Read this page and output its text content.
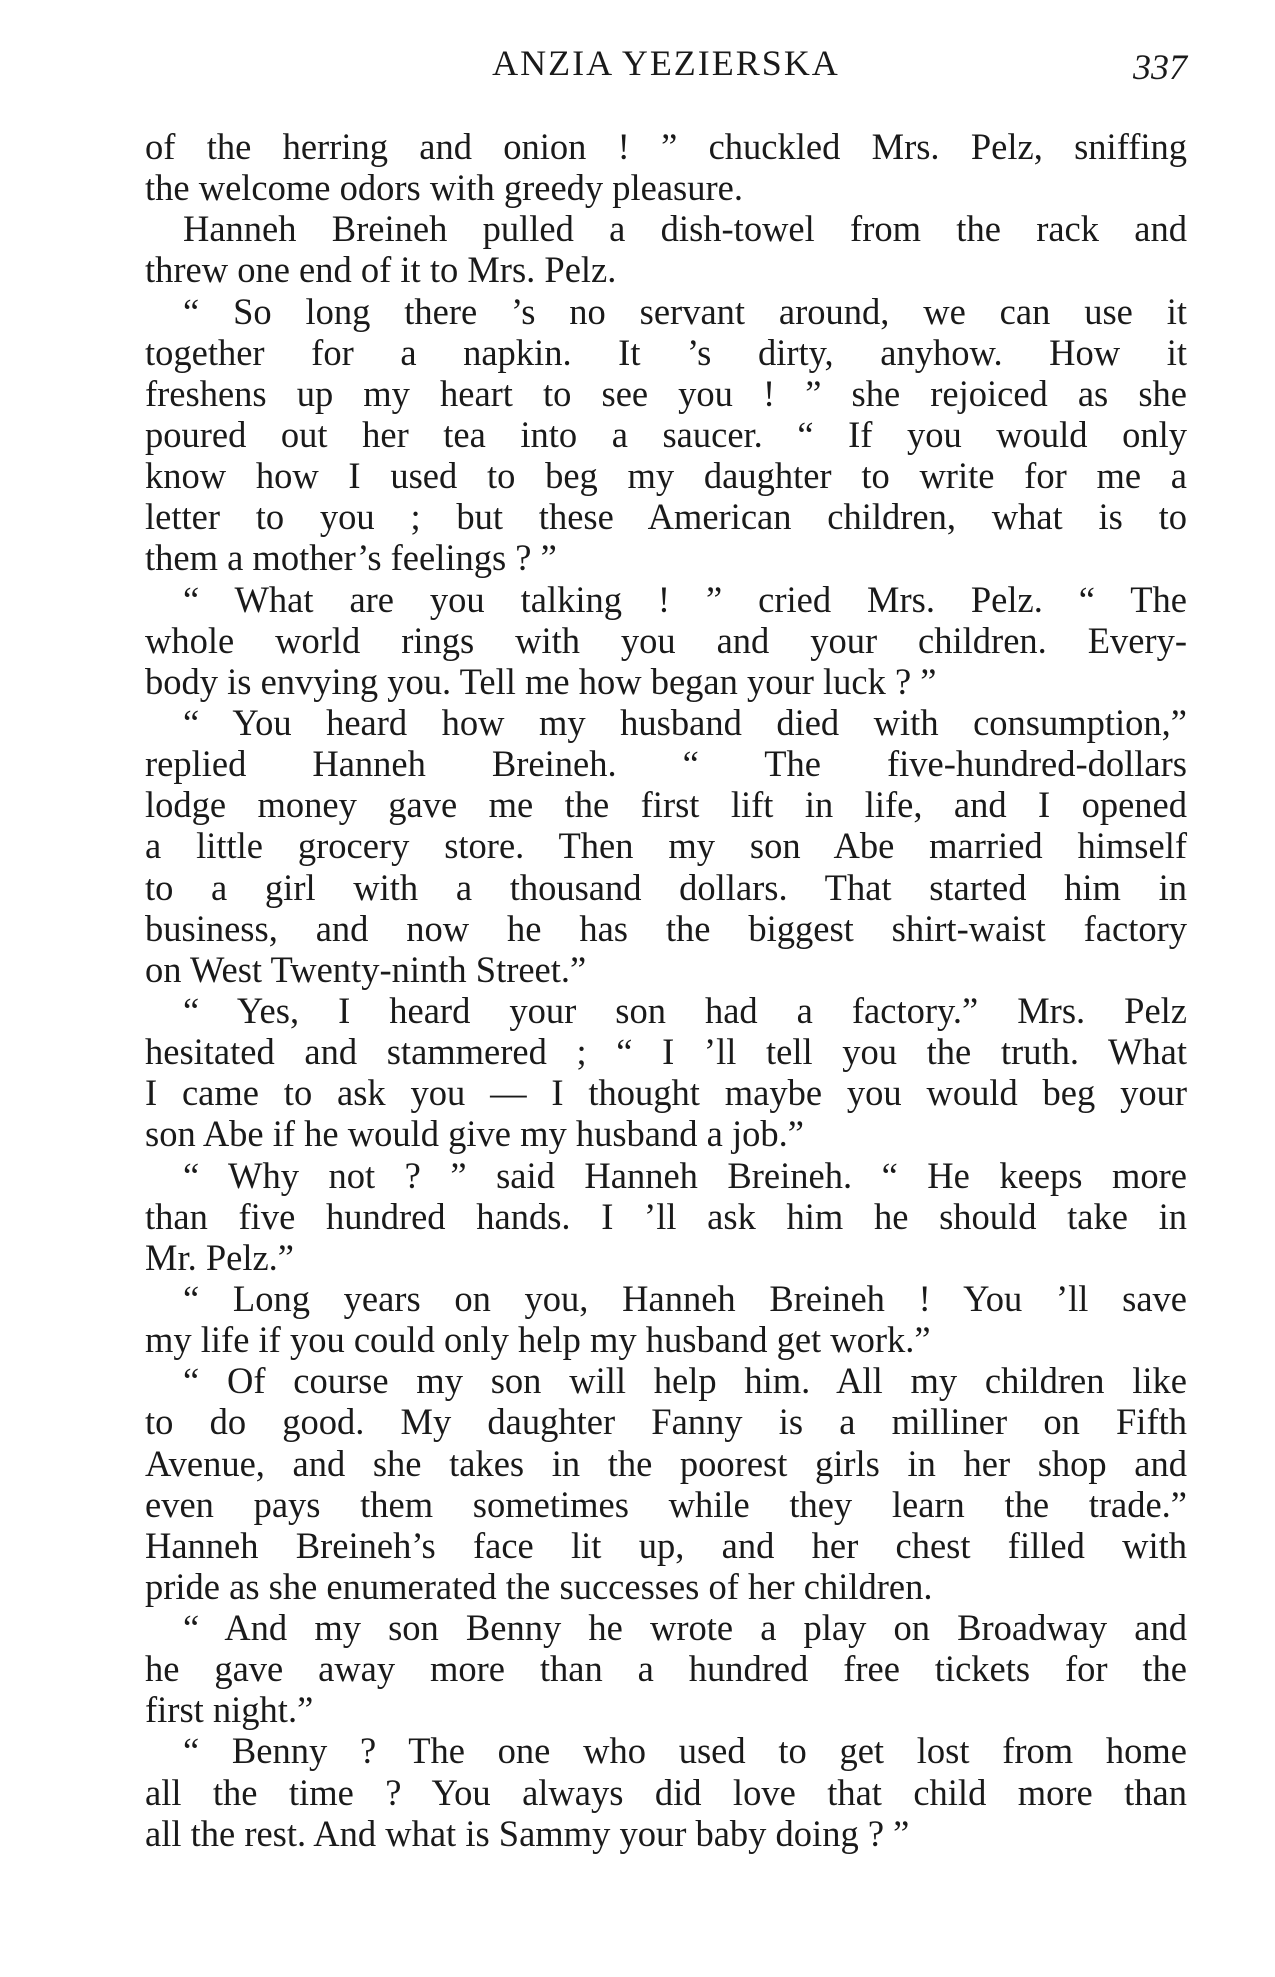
ANZIA YEZIERSKA	337
of the herring and onion ! ” chuckled Mrs. Pelz, sniffing
the welcome odors with greedy pleasure.
Hanneh Breineh pulled a dish-towel from the rack and
threw one end of it to Mrs. Pelz.
“ So long there ’s no servant around, we can use it
together for a napkin. It ’s dirty, anyhow. How it
freshens up my heart to see you ! ” she rejoiced as she
poured out her tea into a saucer. “ If you would only
know how I used to beg my daughter to write for me a
letter to you ; but these American children, what is to
them a mother’s feelings ? ”
“ What are you talking ! ” cried Mrs. Pelz. “ The
whole world rings with you and your children. Every-
body is envying you. Tell me how began your luck ? ”
“ You heard how my husband died with consumption,”
replied Hanneh Breineh. “ The five-hundred-dollars
lodge money gave me the first lift in life, and I opened
a little grocery store. Then my son Abe married himself
to a girl with a thousand dollars. That started him in
business, and now he has the biggest shirt-waist factory
on West Twenty-ninth Street.”
“ Yes, I heard your son had a factory.” Mrs. Pelz
hesitated and stammered ; “ I ’ll tell you the truth. What
I came to ask you — I thought maybe you would beg your
son Abe if he would give my husband a job.”
“ Why not ? ” said Hanneh Breineh. “ He keeps more
than five hundred hands. I ’ll ask him he should take in
Mr. Pelz.”
“ Long years on you, Hanneh Breineh ! You ’ll save
my life if you could only help my husband get work.”
“ Of course my son will help him. All my children like
to do good. My daughter Fanny is a milliner on Fifth
Avenue, and she takes in the poorest girls in her shop and
even pays them sometimes while they learn the trade.”
Hanneh Breineh’s face lit up, and her chest filled with
pride as she enumerated the successes of her children.
“ And my son Benny he wrote a play on Broadway and
he gave away more than a hundred free tickets for the
first night.”
“ Benny ? The one who used to get lost from home
all the time ? You always did love that child more than
all the rest. And what is Sammy your baby doing ? ”
